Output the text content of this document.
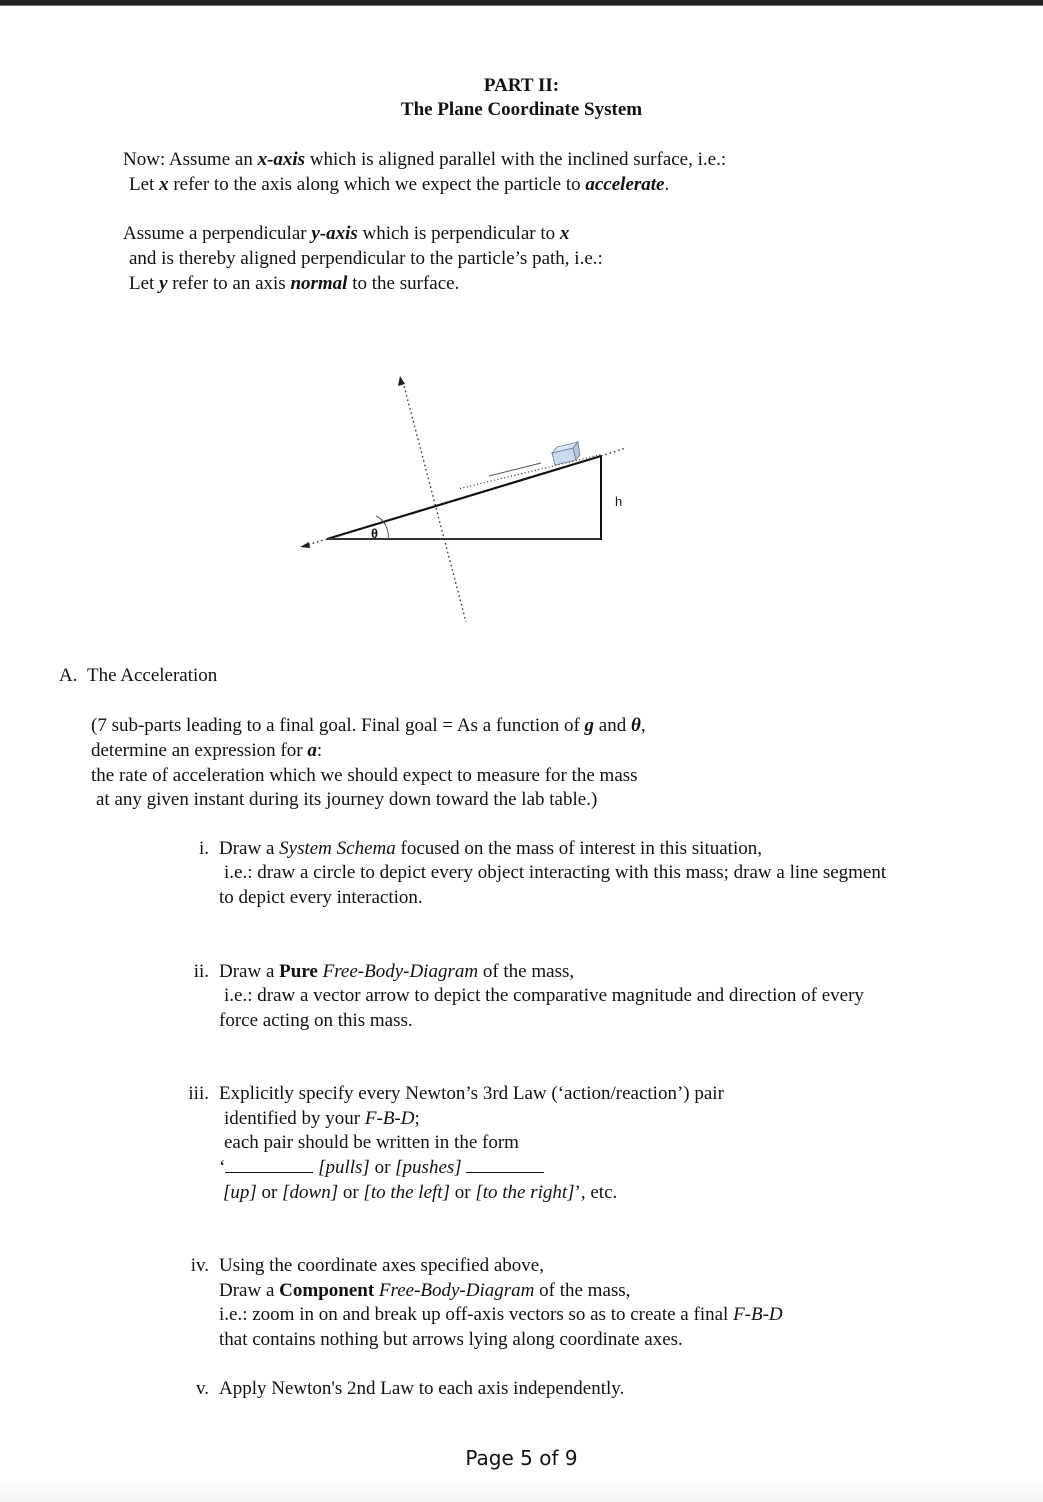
PART II:
The Plane Coordinate System
Now: Assume an x-axis which is aligned parallel with the inclined surface, i.e.:
Let x refer to the axis along which we expect the particle to accelerate.
Assume a perpendicular y-axis which is perpendicular to x
and is thereby aligned perpendicular to the particle’s path, i.e.:
Let y refer to an axis normal to the surface.
θ
h
A. The Acceleration
(7 sub-parts leading to a final goal. Final goal = As a function of g and θ,
determine an expression for a:
the rate of acceleration which we should expect to measure for the mass
at any given instant during its journey down toward the lab table.)
i. Draw a System Schema focused on the mass of interest in this situation,
i.e.: draw a circle to depict every object interacting with this mass; draw a line segment
to depict every interaction.
ii. Draw a Pure Free-Body-Diagram of the mass,
i.e.: draw a vector arrow to depict the comparative magnitude and direction of every
force acting on this mass.
iii. Explicitly specify every Newton’s 3rd Law (‘action/reaction’) pair
identified by your F-B-D;
each pair should be written in the form
‘	[pulls] or [pushes]
[up] or [down] or [to the left] or [to the right]’, etc.
iv. Using the coordinate axes specified above,
Draw a Component Free-Body-Diagram of the mass,
i.e.: zoom in on and break up off-axis vectors so as to create a final F-B-D
that contains nothing but arrows lying along coordinate axes.
v. Apply Newton's 2nd Law to each axis independently.
Page 5 of 9
